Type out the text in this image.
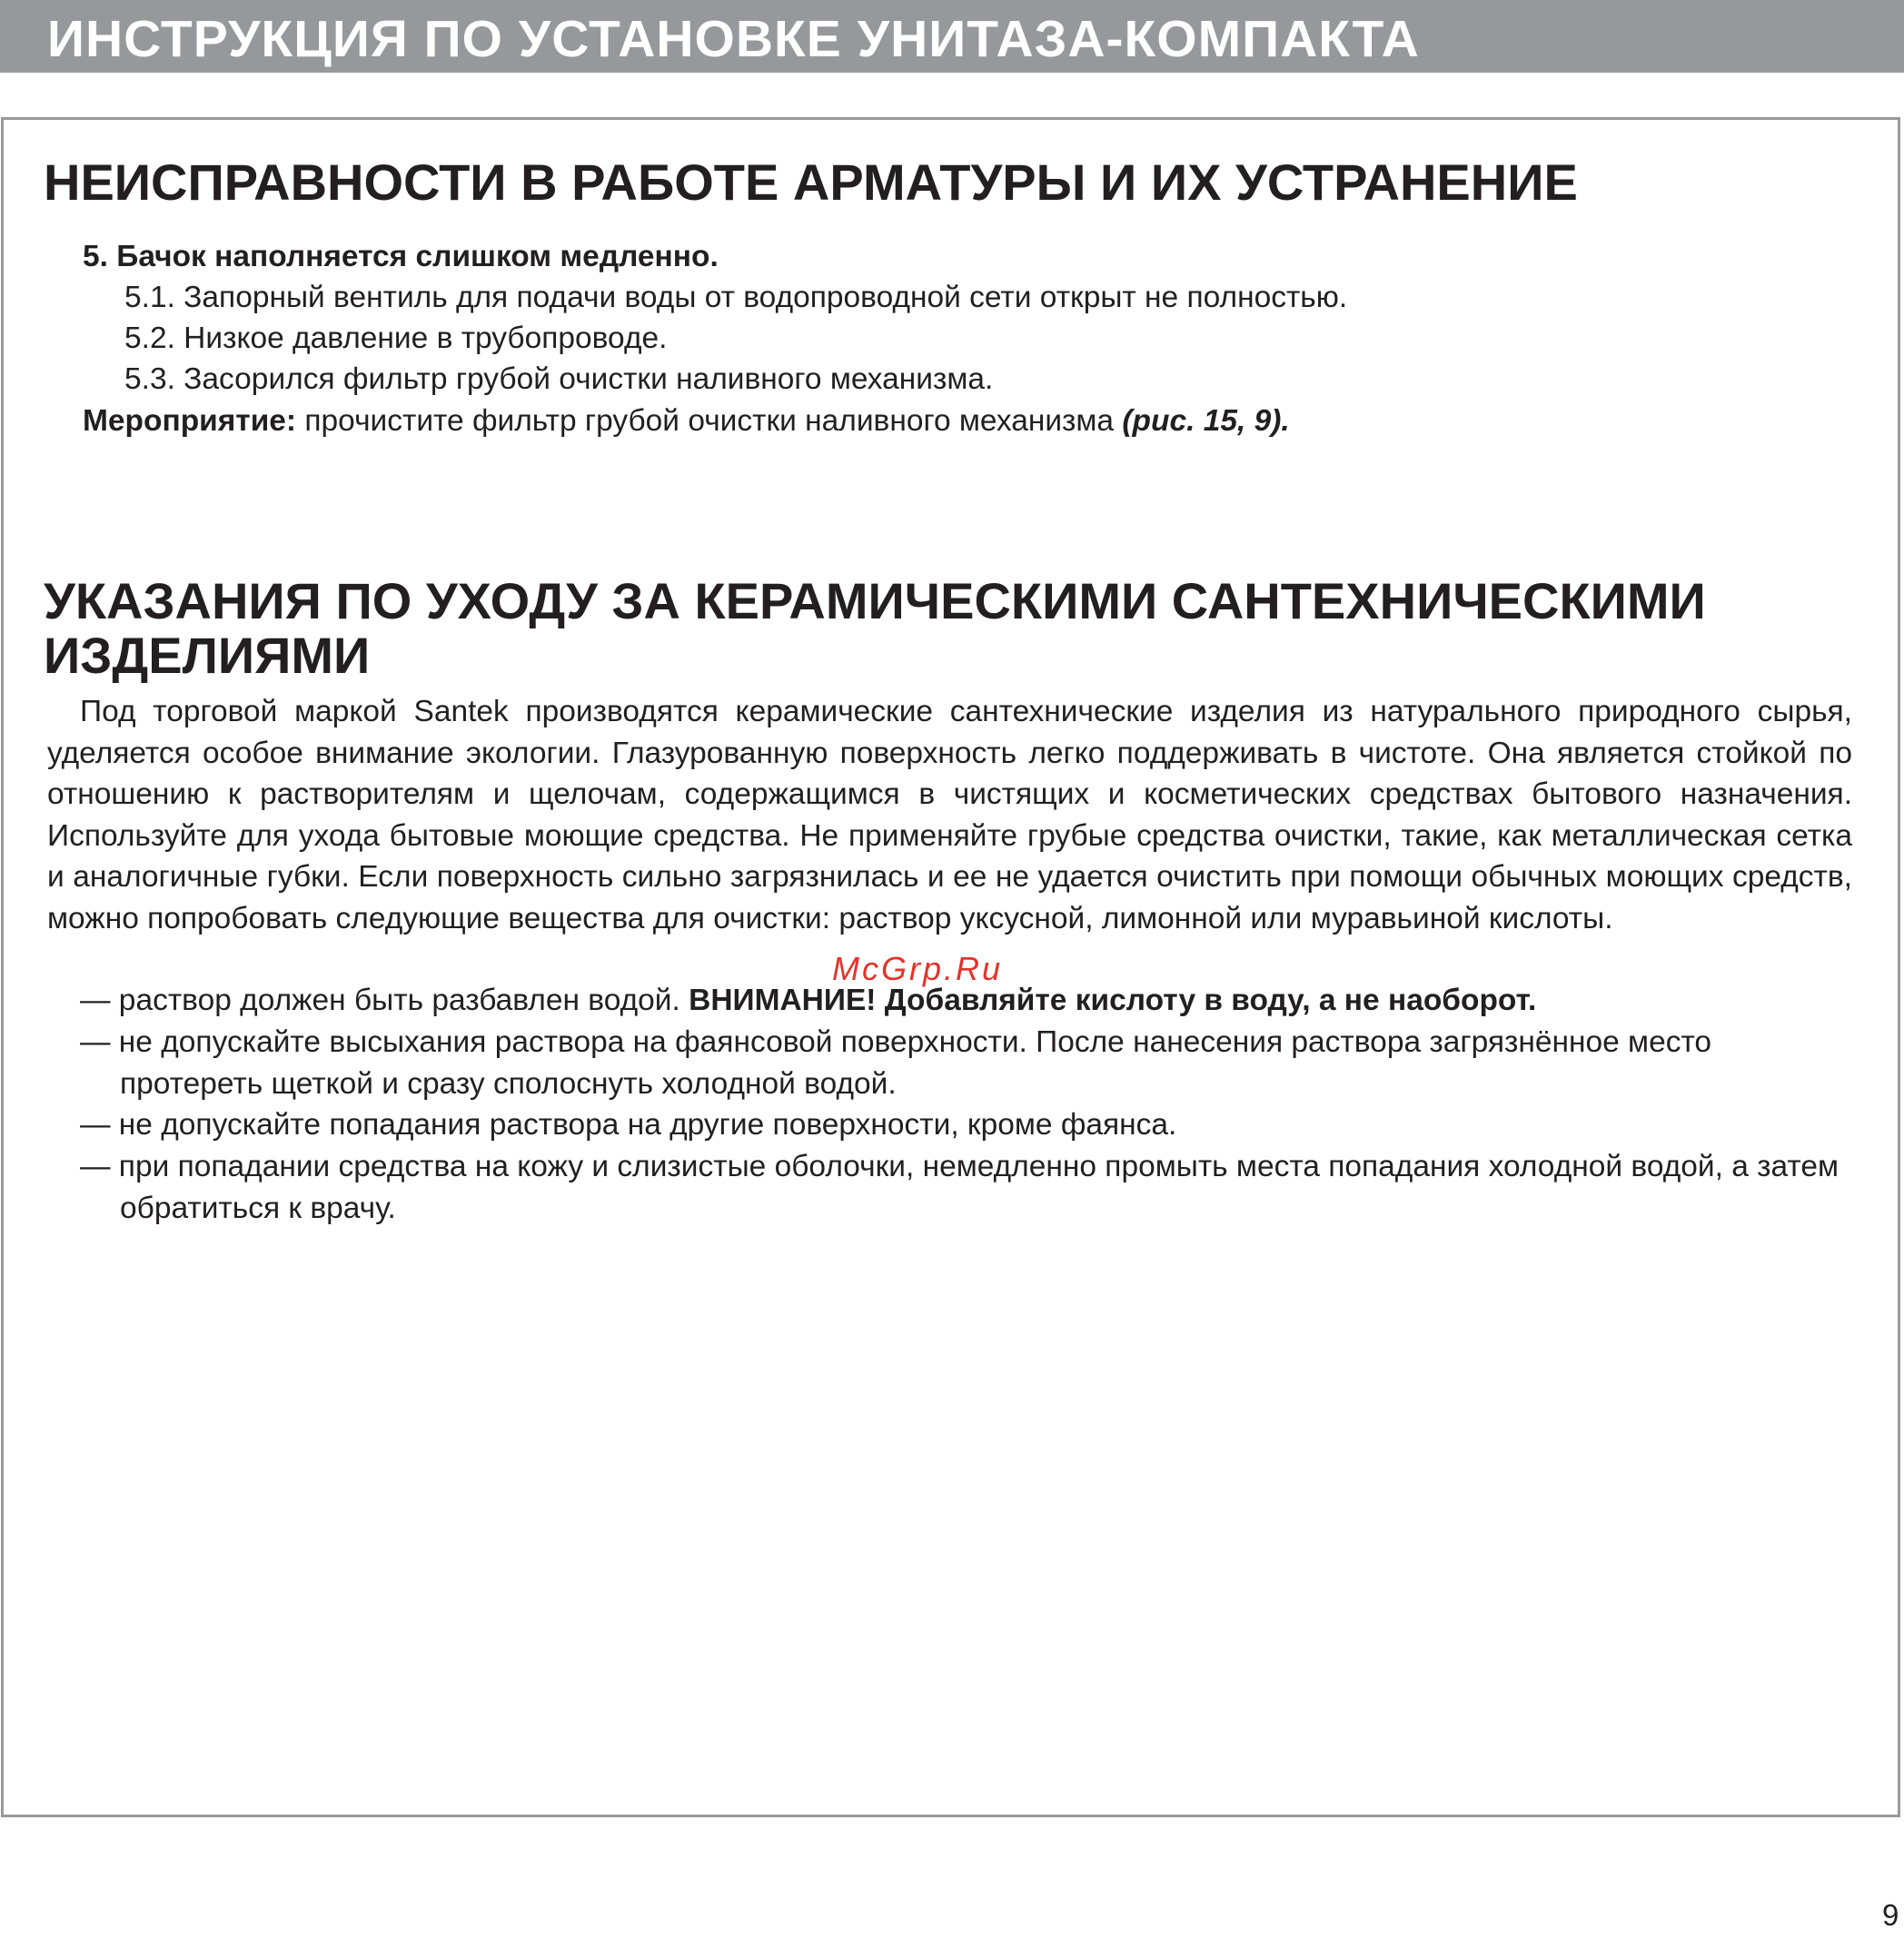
ИНСТРУКЦИЯ ПО УСТАНОВКЕ УНИТАЗА-КОМПАКТА
НЕИСПРАВНОСТИ В РАБОТЕ АРМАТУРЫ И ИХ УСТРАНЕНИЕ
5. Бачок наполняется слишком медленно.
5.1. Запорный вентиль для подачи воды от водопроводной сети открыт не полностью.
5.2. Низкое давление в трубопроводе.
5.3. Засорился фильтр грубой очистки наливного механизма.
Мероприятие: прочистите фильтр грубой очистки наливного механизма (рис. 15, 9).
УКАЗАНИЯ ПО УХОДУ ЗА КЕРАМИЧЕСКИМИ САНТЕХНИЧЕСКИМИ
ИЗДЕЛИЯМИ

Под торговой маркой Santek производятся керамические сантехнические изделия из натурального природного сырья, уделяется особое внимание экологии. Глазурованную поверхность легко поддерживать в чистоте. Она является стойкой по отношению к растворителям и щелочам, содержащимся в чистящих и косметических средствах бытового назначения. Используйте для ухода бытовые моющие средства. Не применяйте грубые средства очистки, такие, как металлическая сетка и аналогичные губки. Если поверхность сильно загрязнилась и ее не удается очистить при помощи обычных моющих средств, можно попробовать следующие вещества для очистки: раствор уксусной, лимонной или муравьиной кислоты.

— раствор должен быть разбавлен водой. ВНИМАНИЕ! Добавляйте кислоту в воду, а не наоборот.

— не допускайте высыхания раствора на фаянсовой поверхности. После нанесения раствора загрязнённое место протереть щеткой и сразу сполоснуть холодной водой.

— не допускайте попадания раствора на другие поверхности, кроме фаянса.

— при попадании средства на кожу и слизистые оболочки, немедленно промыть места попадания холодной водой, а затем обратиться к врачу.

McGrp.Ru
9
